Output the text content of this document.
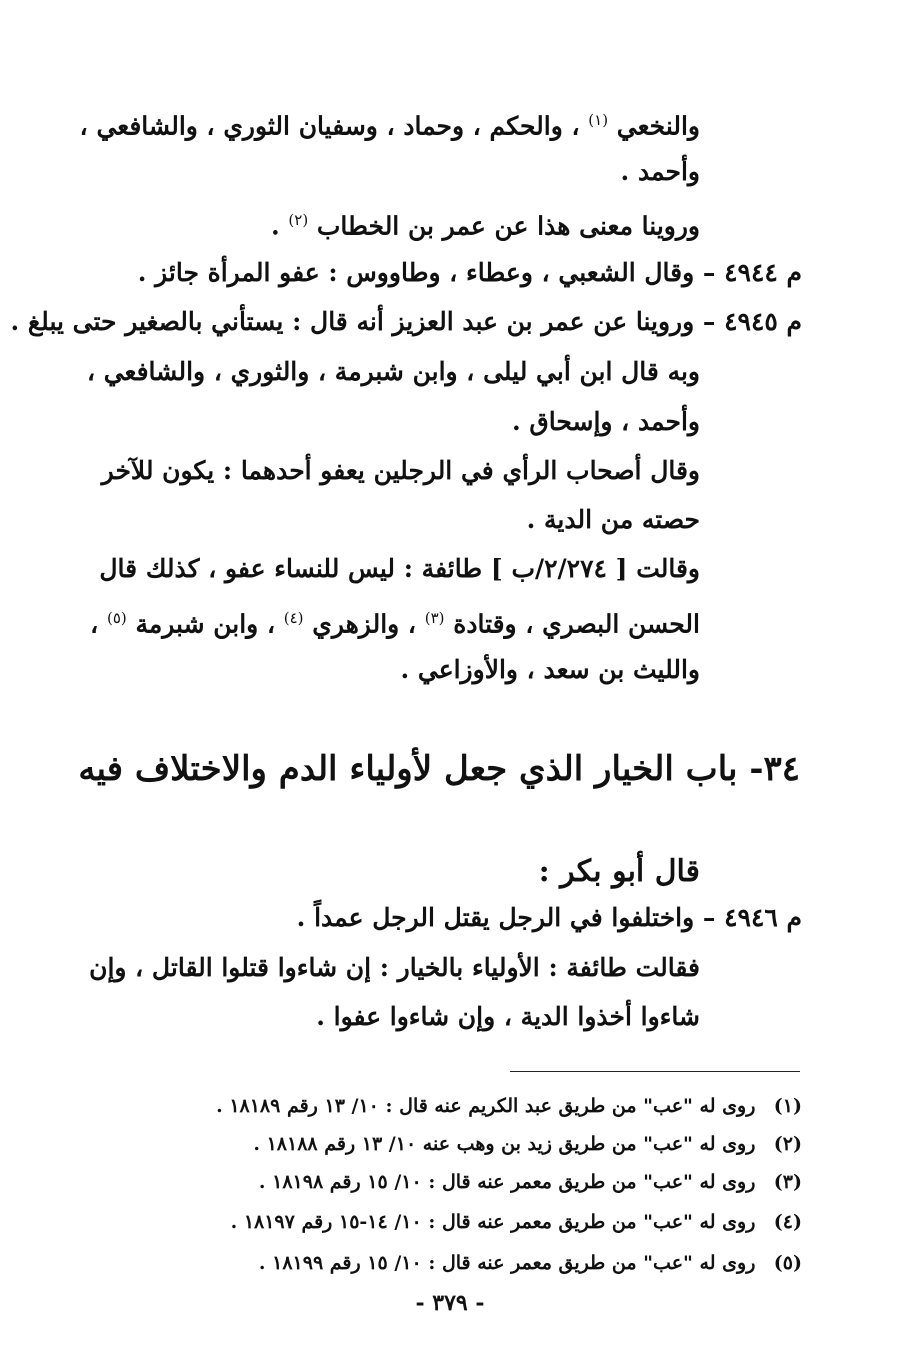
والنخعي $^{(١)}$ ، والحكم ، وحماد ، وسفيان الثوري ، والشافعي ،
وأحمد .
وروينا معنى هذا عن عمر بن الخطاب $^{(٢)}$ .
م ٤٩٤٤ – وقال الشعبي ، وعطاء ، وطاووس : عفو المرأة جائز .
م ٤٩٤٥ – وروينا عن عمر بن عبد العزيز أنه قال : يستأني بالصغير حتى يبلغ .
وبه قال ابن أبي ليلى ، وابن شبرمة ، والثوري ، والشافعي ،
وأحمد ، وإسحاق .
وقال أصحاب الرأي في الرجلين يعفو أحدهما : يكون للآخر
حصته من الدية .
وقالت [ ٢/٢٧٤/ب ] طائفة : ليس للنساء عفو ، كذلك قال
الحسن البصري ، وقتادة $^{(٣)}$ ، والزهري $^{(٤)}$ ، وابن شبرمة $^{(٥)}$ ،
والليث بن سعد ، والأوزاعي .
٣٤- باب الخيار الذي جعل لأولياء الدم والاختلاف فيه
قال أبو بكر :
م ٤٩٤٦ – واختلفوا في الرجل يقتل الرجل عمداً .
فقالت طائفة : الأولياء بالخيار : إن شاءوا قتلوا القاتل ، وإن
شاءوا أخذوا الدية ، وإن شاءوا عفوا .
(١) روى له "عب" من طريق عبد الكريم عنه قال : ١٠/ ١٣ رقم ١٨١٨٩ .
(٢) روى له "عب" من طريق زيد بن وهب عنه ١٠/ ١٣ رقم ١٨١٨٨ .
(٣) روى له "عب" من طريق معمر عنه قال : ١٠/ ١٥ رقم ١٨١٩٨ .
(٤) روى له "عب" من طريق معمر عنه قال : ١٠/ ١٤-١٥ رقم ١٨١٩٧ .
(٥) روى له "عب" من طريق معمر عنه قال : ١٠/ ١٥ رقم ١٨١٩٩ .
- ٣٧٩ -
